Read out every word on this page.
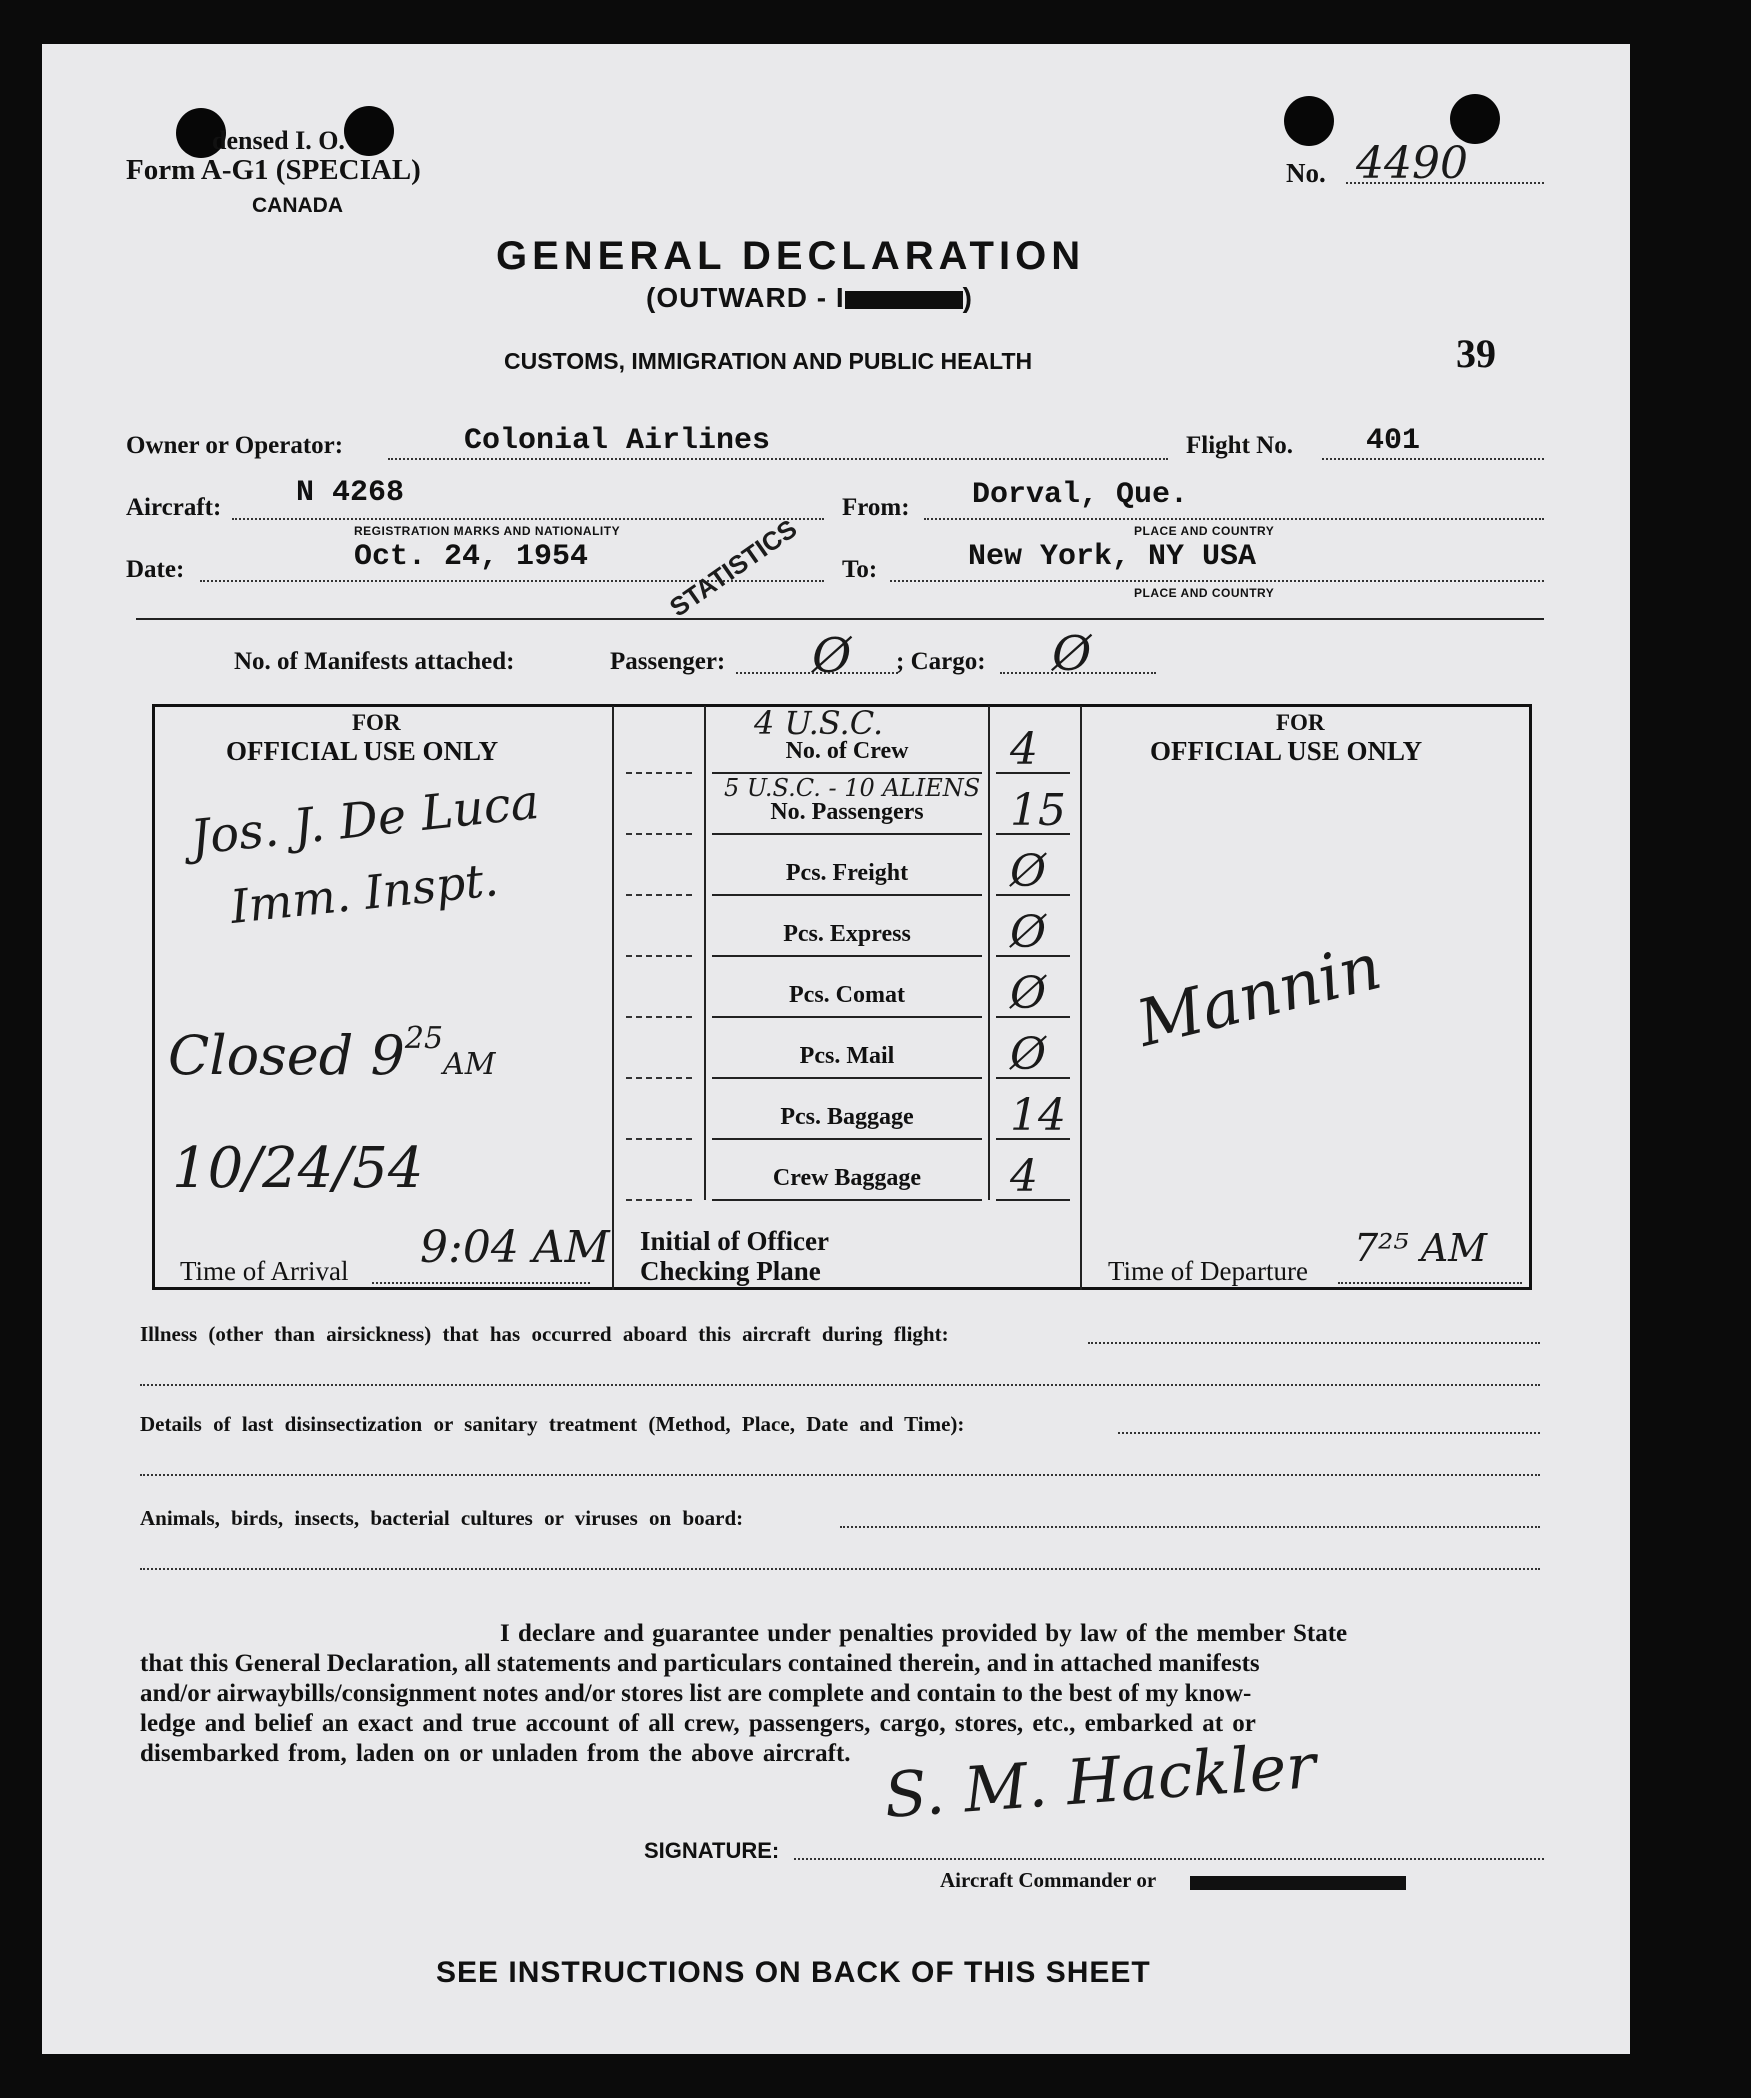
densed I. O.
Form A-G1 (SPECIAL)
CANADA
No. 4490
39
GENERAL DECLARATION
(OUTWARD - I	)
CUSTOMS, IMMIGRATION AND PUBLIC HEALTH
Owner or Operator:	Colonial Airlines	Flight No. 401
Aircraft: N 4268
REGISTRATION MARKS AND NATIONALITY
From: Dorval, Que.
PLACE AND COUNTRY
Date:	Oct. 24, 1954	To:	New York, NY USA
PLACE AND COUNTRY
STATISTICS
No. of Manifests attached:	Passenger: Ø ; Cargo: Ø
FOR
OFFICIAL USE ONLY
Jos. J. De Luca
Imm. Inspt.
Closed $9^{25}AM$
10/24/54
Time of Arrival 9:04 AM
4 U.S.C.
5 U.S.C. - 10 ALIENS
No. of Crew	4
No. Passengers	15
Pcs. Freight	Ø
Pcs. Express	Ø
Pcs. Comat	Ø
Pcs. Mail	Ø
Pcs. Baggage	14
Crew Baggage	4
Initial of Officer
Checking Plane
FOR
OFFICIAL USE ONLY
Mannin
Time of Departure
7²⁵ AM
Illness (other than airsickness) that has occurred aboard this aircraft during flight:
Details of last disinsectization or sanitary treatment (Method, Place, Date and Time):
Animals, birds, insects, bacterial cultures or viruses on board:
I declare and guarantee under penalties provided by law of the member State
that this General Declaration, all statements and particulars contained therein, and in attached manifests
and/or airwaybills/consignment notes and/or stores list are complete and contain to the best of my know-
ledge and belief an exact and true account of all crew, passengers, cargo, stores, etc., embarked at or
disembarked from, laden on or unladen from the above aircraft. S. M. Hackler
SIGNATURE:
Aircraft Commander or
SEE INSTRUCTIONS ON BACK OF THIS SHEET
